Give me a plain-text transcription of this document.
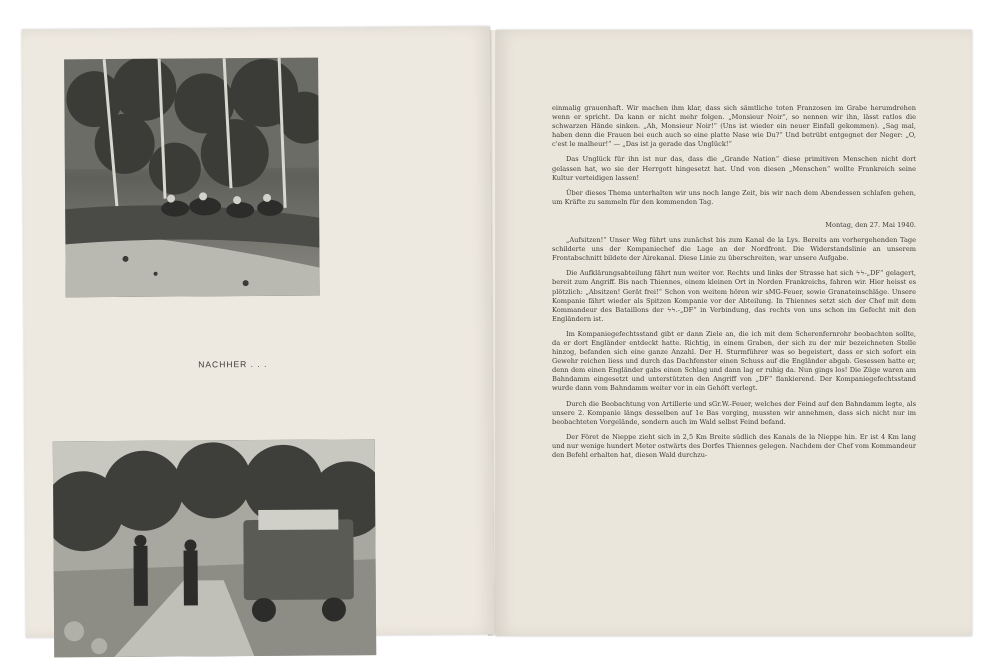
NACHHER . . .

einmalig grauenhaft. Wir machen ihm klar, dass sich sämtliche toten Franzosen im Grabe herumdrehen wenn er spricht. Da kann er nicht mehr folgen. „Monsieur Noir“, so nennen wir ihn, lässt ratlos die schwarzen Hände sinken. „Ah, Monsieur Noir!“ (Uns ist wieder ein neuer Einfall gekommen). „Sag mal, haben denn die Frauen bei euch auch so eine platte Nase wie Du?“ Und betrübt entgegnet der Neger: „O, c'est le malheur!“ — „Das ist ja gerade das Unglück!“

Das Unglück für ihn ist nur das, dass die „Grande Nation“ diese primitiven Menschen nicht dort gelassen hat, wo sie der Herrgott hingesetzt hat. Und von diesen „Menschen“ wollte Frankreich seine Kultur verteidigen lassen!

Über dieses Thema unterhalten wir uns noch lange Zeit, bis wir nach dem Abendessen schlafen gehen, um Kräfte zu sammeln für den kommenden Tag.

Montag, den 27. Mai 1940.

„Aufsitzen!“ Unser Weg führt uns zunächst bis zum Kanal de la Lys. Bereits am vorhergehenden Tage schilderte uns der Kompaniechef die Lage an der Nordfront. Die Widerstandslinie an unserem Frontabschnitt bildete der Airekanal. Diese Linie zu überschreiten, war unsere Aufgabe.

Die Aufklärungsabteilung fährt nun weiter vor. Rechts und links der Strasse hat sich ϟϟ-„DF“ gelagert, bereit zum Angriff. Bis nach Thiennes, einem kleinen Ort in Norden Frankreichs, fahren wir. Hier heisst es plötzlich: „Absitzen! Gerät frei!“ Schon von weitem hören wir sMG-Feuer, sowie Granateinschläge. Unsere Kompanie fährt wieder als Spitzen Kompanie vor der Abteilung. In Thiennes setzt sich der Chef mit dem Kommandeur des Bataillons der ϟϟ.-„DF“ in Verbindung, das rechts von uns schon im Gefecht mit den Engländern ist.

Im Kompaniegefechtsstand gibt er dann Ziele an, die ich mit dem Scherenfernrohr beobachten sollte, da er dort Engländer entdeckt hatte. Richtig, in einem Graben, der sich zu der mir bezeichneten Stelle hinzog, befanden sich eine ganze Anzahl. Der H. Sturmführer was so begeistert, dass er sich sofort ein Gewehr reichen liess und durch das Dachfenster einen Schuss auf die Engländer abgab. Gesessen hatte er, denn dem einen Engländer gabs einen Schlag und dann lag er ruhig da. Nun gings los! Die Züge waren am Bahndamm eingesetzt und unterstützten den Angriff von „DF“ flankierend. Der Kompaniegefechtsstand wurde dann vom Bahndamm weiter vor in ein Gehöft verlegt.

Durch die Beobachtung von Artillerie und sGr.W.-Feuer, welches der Feind auf den Bahndamm legte, als unsere 2. Kompanie längs desselben auf 1e Bas vorging, mussten wir annehmen, dass sich nicht nur im beobachteten Vorgelände, sondern auch im Wald selbst Feind befand.

Der Fôret de Nieppe zieht sich in 2,5 Km Breite südlich des Kanals de la Nieppe hin. Er ist 4 Km lang und nur wenige hundert Meter ostwärts des Dorfes Thiennes gelegen. Nachdem der Chef vom Kommandeur den Befehl erhalten hat, diesen Wald durchzu-
